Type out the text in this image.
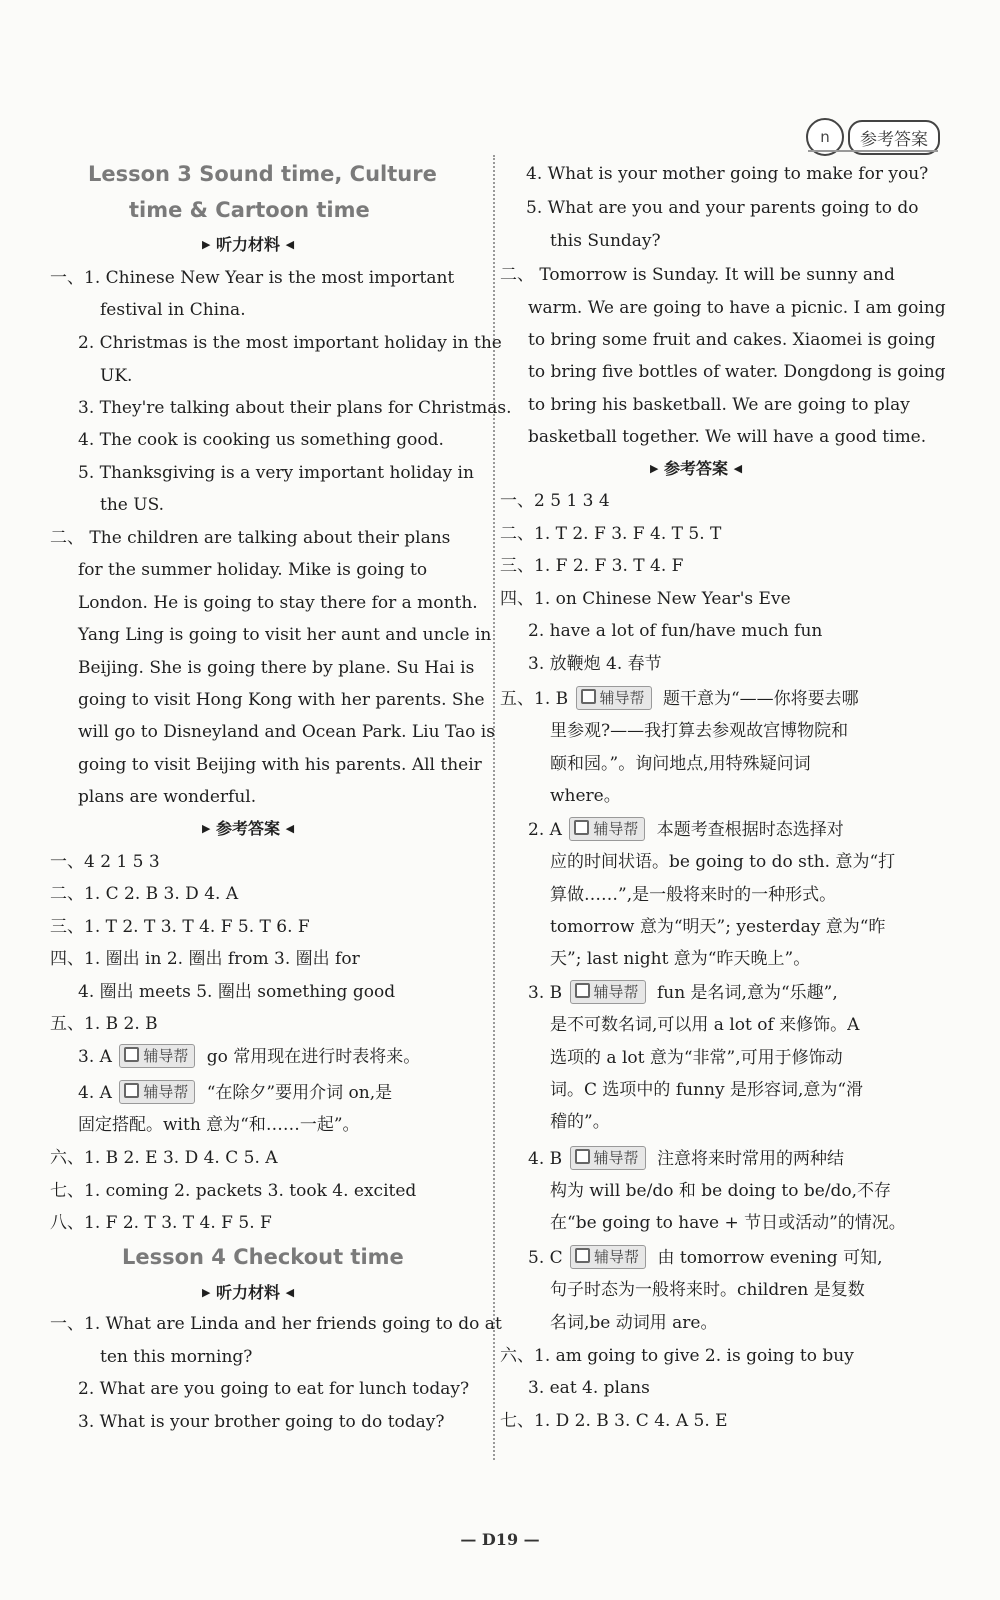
n	参考答案
Lesson 3 Sound time, Culture
time & Cartoon time
▶ 听力材料 ◀
一、1. Chinese New Year is the most important
festival in China.
2. Christmas is the most important holiday in the
UK.
3. They're talking about their plans for Christmas.
4. The cook is cooking us something good.
5. Thanksgiving is a very important holiday in
the US.
二、 The children are talking about their plans
for the summer holiday. Mike is going to
London. He is going to stay there for a month.
Yang Ling is going to visit her aunt and uncle in
Beijing. She is going there by plane. Su Hai is
going to visit Hong Kong with her parents. She
will go to Disneyland and Ocean Park. Liu Tao is
going to visit Beijing with his parents. All their
plans are wonderful.
▶ 参考答案 ◀
一、4 2 1 5 3
二、1. C 2. B 3. D 4. A
三、1. T 2. T 3. T 4. F 5. T 6. F
四、1. 圈出 in 2. 圈出 from 3. 圈出 for
4. 圈出 meets 5. 圈出 something good
五、1. B 2. B
3. A 辅导帮 go 常用现在进行时表将来。
4. A 辅导帮 “在除夕”要用介词 on,是
固定搭配。with 意为“和……一起”。
六、1. B 2. E 3. D 4. C 5. A
七、1. coming 2. packets 3. took 4. excited
八、1. F 2. T 3. T 4. F 5. F
Lesson 4 Checkout time
▶ 听力材料 ◀
一、1. What are Linda and her friends going to do at
ten this morning?
2. What are you going to eat for lunch today?
3. What is your brother going to do today?
4. What is your mother going to make for you?
5. What are you and your parents going to do
this Sunday?
二、 Tomorrow is Sunday. It will be sunny and
warm. We are going to have a picnic. I am going
to bring some fruit and cakes. Xiaomei is going
to bring five bottles of water. Dongdong is going
to bring his basketball. We are going to play
basketball together. We will have a good time.
▶ 参考答案 ◀
一、2 5 1 3 4
二、1. T 2. F 3. F 4. T 5. T
三、1. F 2. F 3. T 4. F
四、1. on Chinese New Year's Eve
2. have a lot of fun/have much fun
3. 放鞭炮 4. 春节
五、1. B 辅导帮 题干意为“——你将要去哪
里参观?——我打算去参观故宫博物院和
颐和园。”。询问地点,用特殊疑问词
where。
2. A 辅导帮 本题考查根据时态选择对
应的时间状语。be going to do sth. 意为“打
算做……”,是一般将来时的一种形式。
tomorrow 意为“明天”; yesterday 意为“昨
天”; last night 意为“昨天晚上”。
3. B 辅导帮 fun 是名词,意为“乐趣”,
是不可数名词,可以用 a lot of 来修饰。A
选项的 a lot 意为“非常”,可用于修饰动
词。C 选项中的 funny 是形容词,意为“滑
稽的”。
4. B 辅导帮 注意将来时常用的两种结
构为 will be/do 和 be doing to be/do,不存
在“be going to have + 节日或活动”的情况。
5. C 辅导帮 由 tomorrow evening 可知,
句子时态为一般将来时。children 是复数
名词,be 动词用 are。
六、1. am going to give 2. is going to buy
3. eat 4. plans
七、1. D 2. B 3. C 4. A 5. E
— D19 —
